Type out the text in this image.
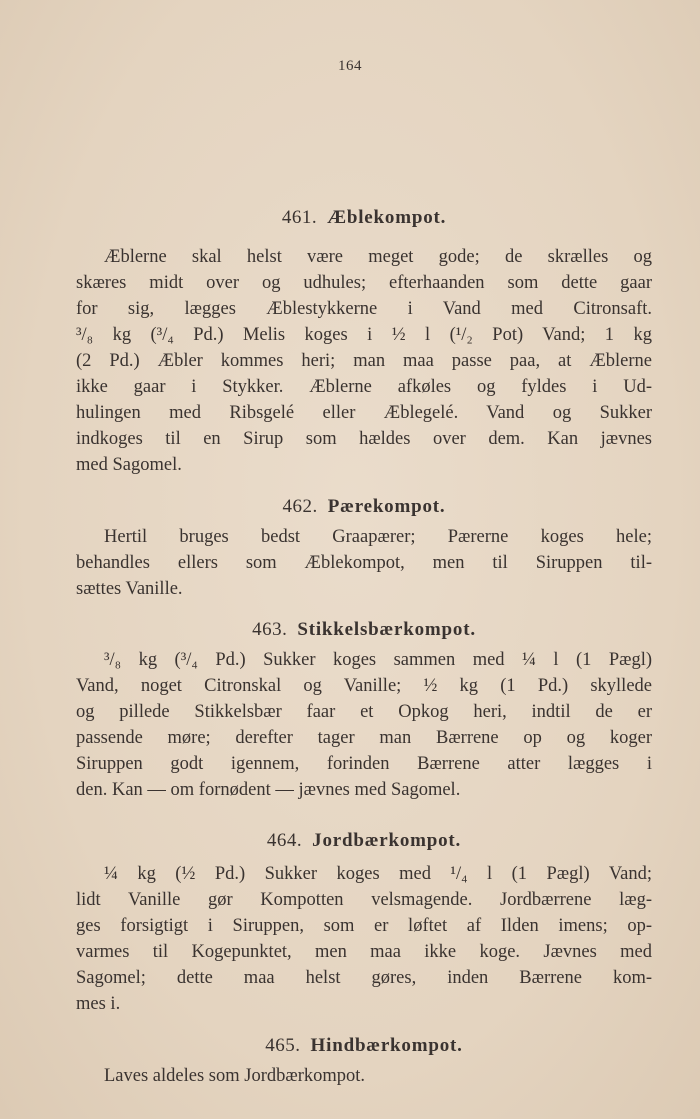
164
461. Æblekompot.
Æblerne skal helst være meget gode; de skrælles og
skæres midt over og udhules; efterhaanden som dette gaar
for sig, lægges Æblestykkerne i Vand med Citronsaft.
³/₈ kg (³/₄ Pd.) Melis koges i ½ l (¹/₂ Pot) Vand; 1 kg
(2 Pd.) Æbler kommes heri; man maa passe paa, at Æblerne
ikke gaar i Stykker. Æblerne afkøles og fyldes i Ud-
hulingen med Ribsgelé eller Æblegelé. Vand og Sukker
indkoges til en Sirup som hældes over dem. Kan jævnes
med Sagomel.
462. Pærekompot.
Hertil bruges bedst Graapærer; Pærerne koges hele;
behandles ellers som Æblekompot, men til Siruppen til-
sættes Vanille.
463. Stikkelsbærkompot.
³/₈ kg (³/₄ Pd.) Sukker koges sammen med ¼ l (1 Pægl)
Vand, noget Citronskal og Vanille; ½ kg (1 Pd.) skyllede
og pillede Stikkelsbær faar et Opkog heri, indtil de er
passende møre; derefter tager man Bærrene op og koger
Siruppen godt igennem, forinden Bærrene atter lægges i
den. Kan — om fornødent — jævnes med Sagomel.
464. Jordbærkompot.
¼ kg (½ Pd.) Sukker koges med ¹/₄ l (1 Pægl) Vand;
lidt Vanille gør Kompotten velsmagende. Jordbærrene læg-
ges forsigtigt i Siruppen, som er løftet af Ilden imens; op-
varmes til Kogepunktet, men maa ikke koge. Jævnes med
Sagomel; dette maa helst gøres, inden Bærrene kom-
mes i.
465. Hindbærkompot.
Laves aldeles som Jordbærkompot.
